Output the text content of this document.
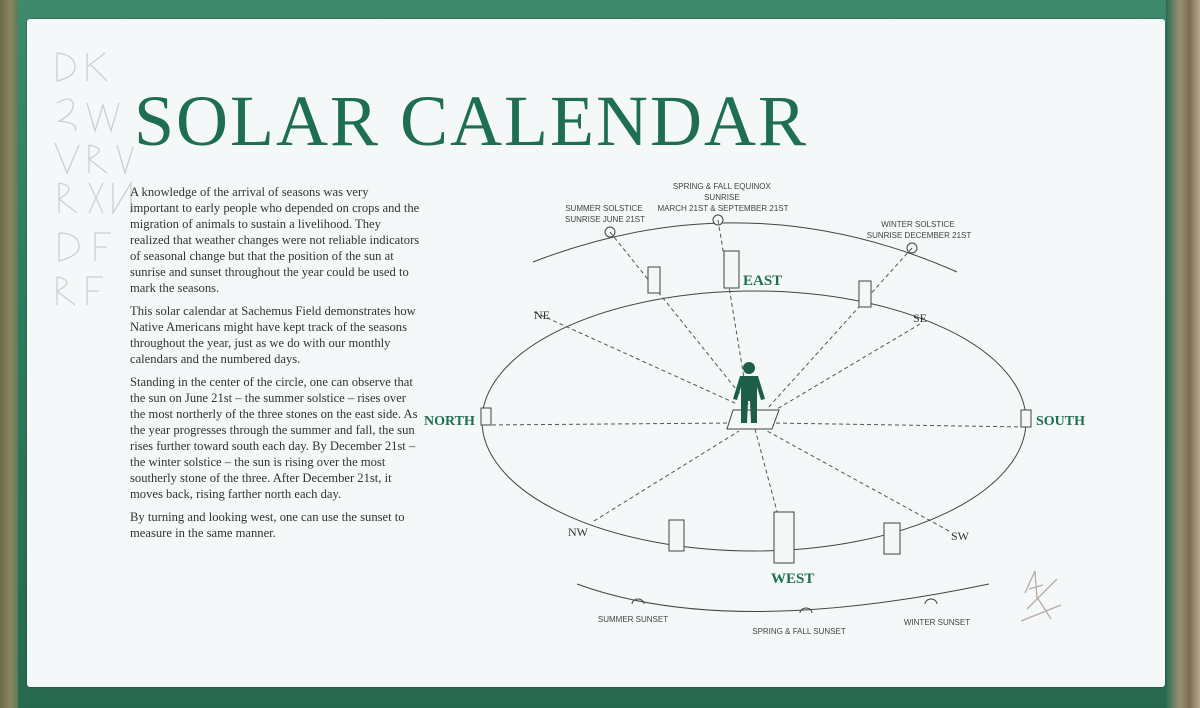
SOLAR CALENDAR

A knowledge of the arrival of seasons was very important to early people who depended on crops and the migration of animals to sustain a livelihood. They realized that weather changes were not reliable indicators of seasonal change but that the position of the sun at sunrise and sunset throughout the year could be used to mark the seasons.

This solar calendar at Sachemus Field demonstrates how Native Americans might have kept track of the seasons throughout the year, just as we do with our monthly calendars and the numbered days.

Standing in the center of the circle, one can observe that the sun on June 21st – the summer solstice – rises over the most northerly of the three stones on the east side. As the year progresses through the summer and fall, the sun rises further toward south each day. By December 21st – the winter solstice – the sun is rising over the most southerly stone of the three. After December 21st, it moves back, rising farther north each day.

By turning and looking west, one can use the sunset to measure in the same manner.

SUMMER SOLSTICE SUNRISE JUNE 21ST
SPRING & FALL EQUINOX SUNRISE MARCH 21ST & SEPTEMBER 21ST
WINTER SOLSTICE SUNRISE DECEMBER 21ST
EAST
WEST
NORTH	SOUTH
NE	SE
NW	SW
SUMMER SUNSET
SPRING & FALL SUNSET
WINTER SUNSET
